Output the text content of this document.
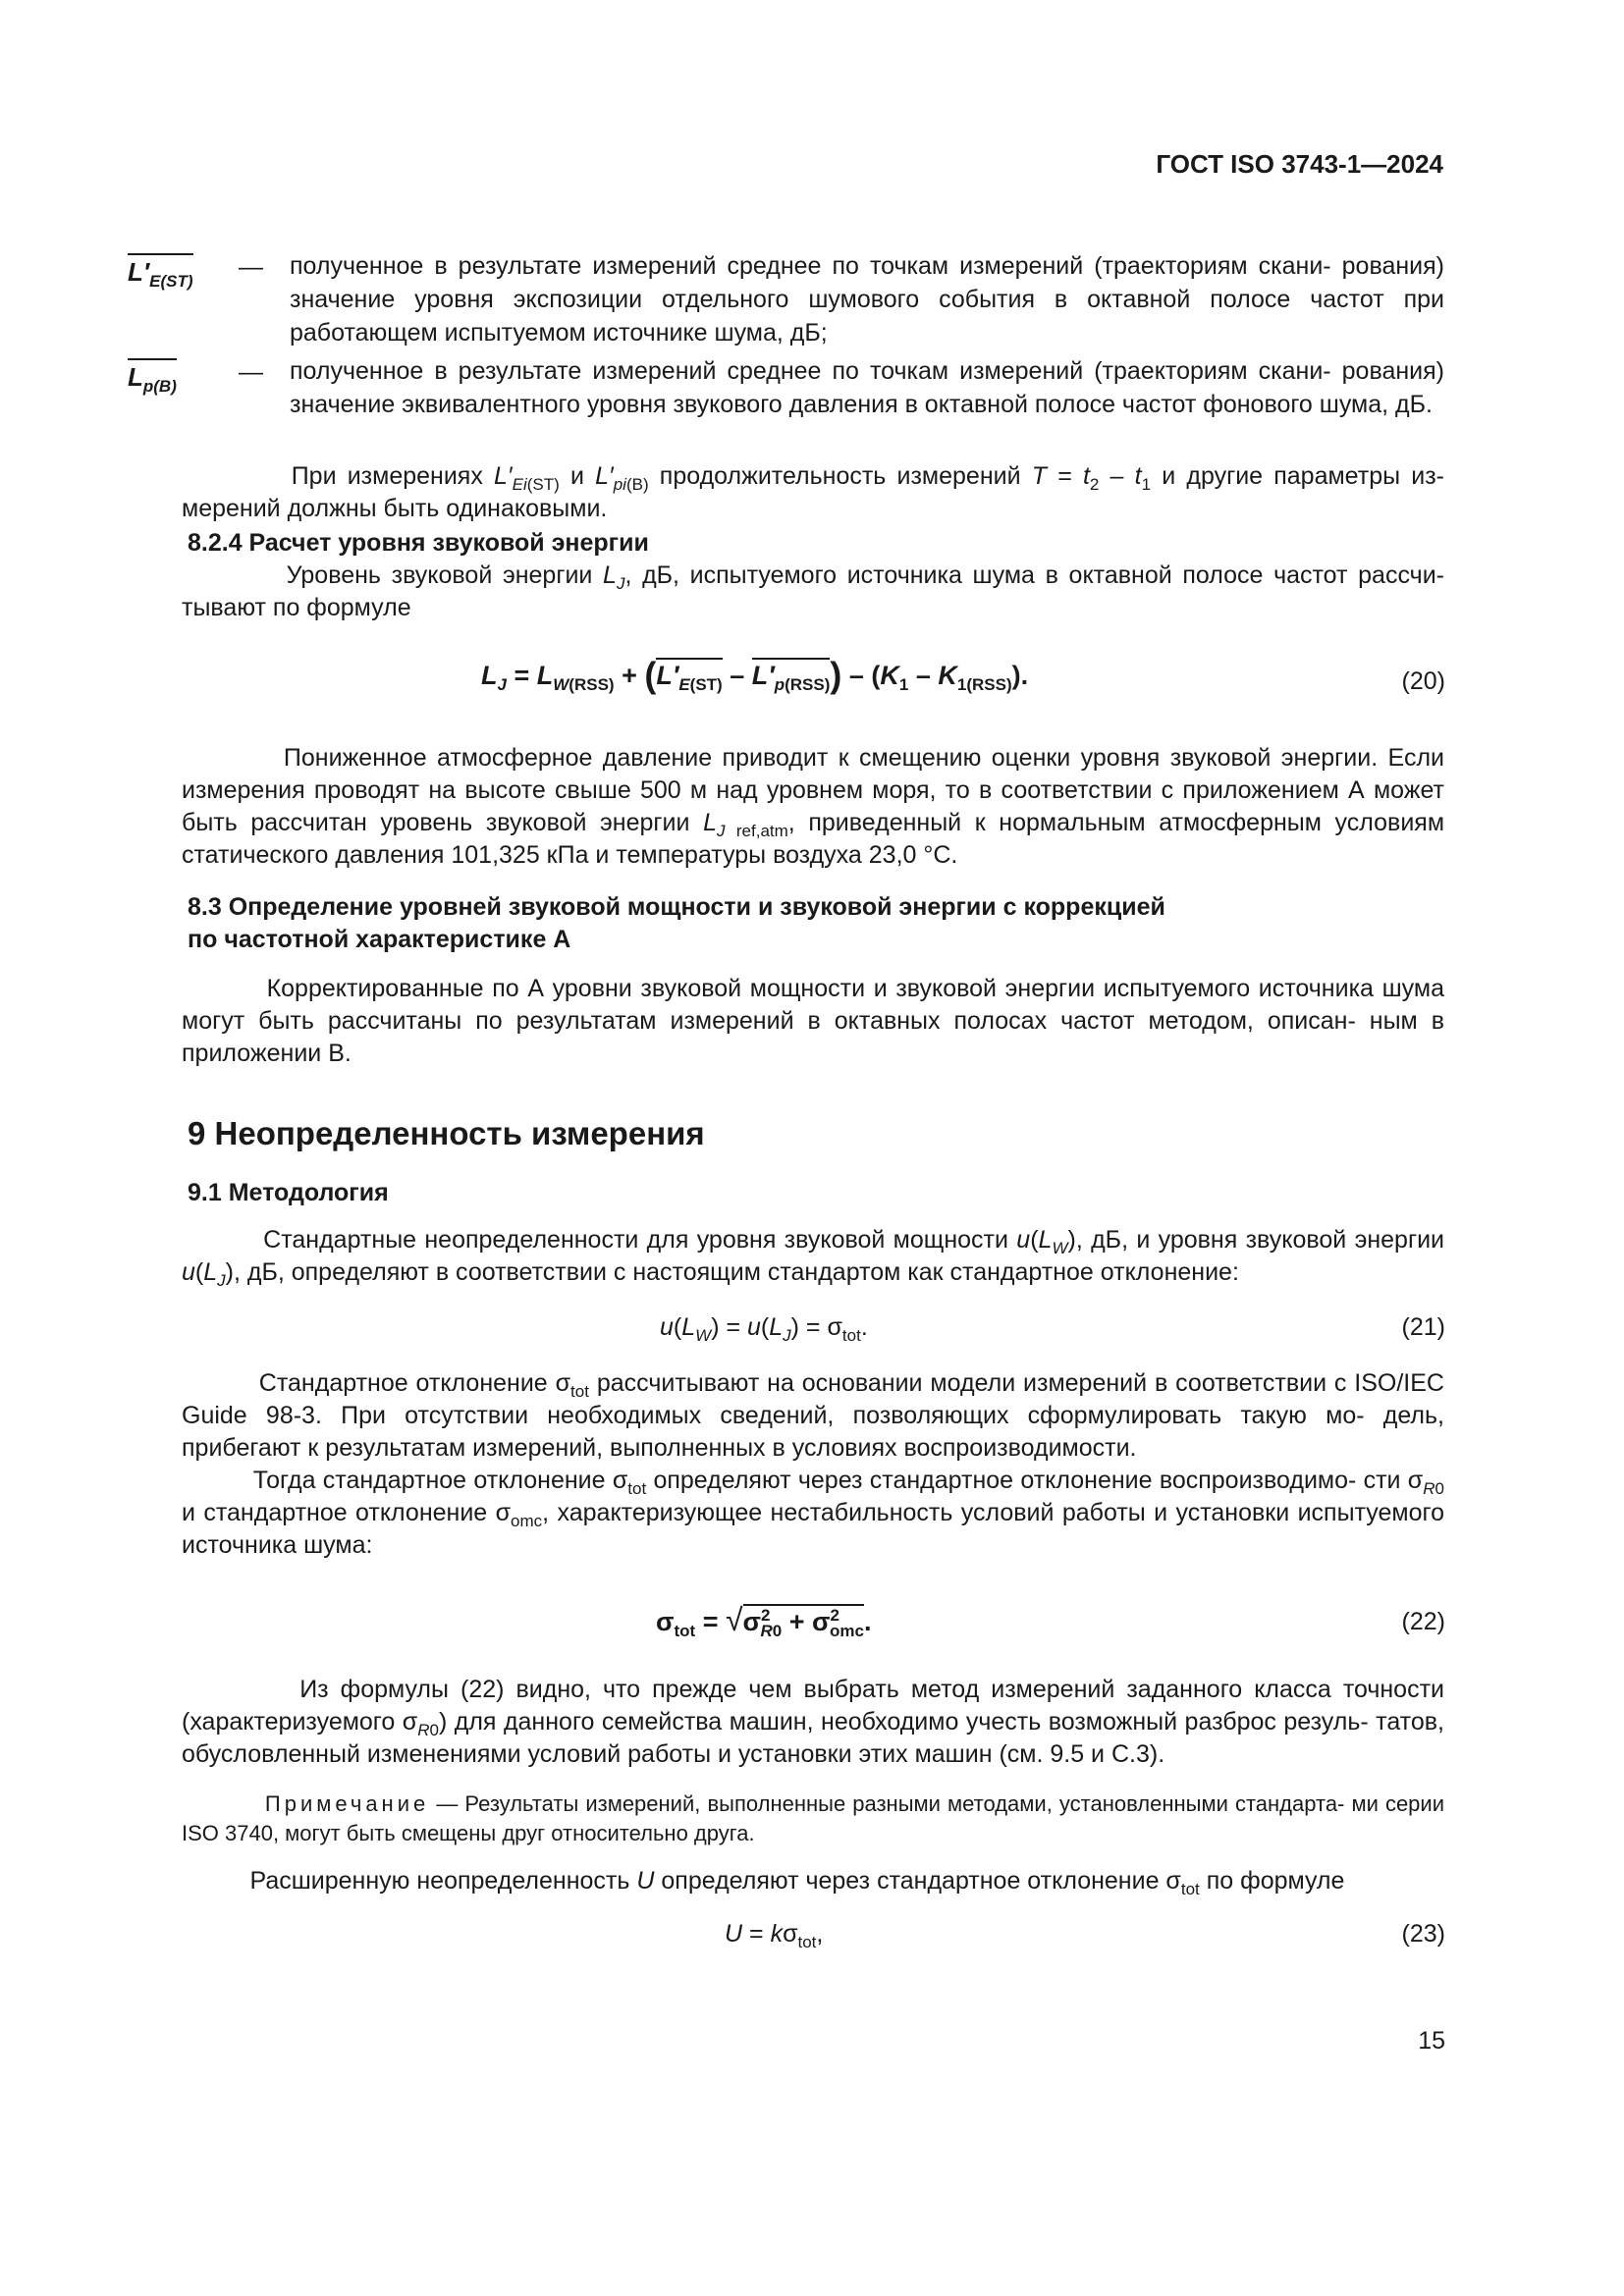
ГОСТ ISO 3743-1—2024
$L'_{E(ST)}$
— полученное в результате измерений среднее по точкам измерений (траекториям скани- рования) значение уровня экспозиции отдельного шумового события в октавной полосе частот при работающем испытуемом источнике шума, дБ;
$L_{p(B)}$
— полученное в результате измерений среднее по точкам измерений (траекториям скани- рования) значение эквивалентного уровня звукового давления в октавной полосе частот фонового шума, дБ.
При измерениях $L'_{Ei(ST)}$ и $L'_{pi(B)}$ продолжительность измерений $T = t_2 - t_1$ и другие параметры из- мерений должны быть одинаковыми.
8.2.4 Расчет уровня звуковой энергии
Уровень звуковой энергии $L_J$, дБ, испытуемого источника шума в октавной полосе частот рассчи- тывают по формуле
$L_J = L_{W(RSS)} + (L'_{E(ST)} - L'_{p(RSS)}) - (K_1 - K_{1(RSS)})$.	(20)
Пониженное атмосферное давление приводит к смещению оценки уровня звуковой энергии. Если измерения проводят на высоте свыше 500 м над уровнем моря, то в соответствии с приложением А может быть рассчитан уровень звуковой энергии $L_J$ $_{ref,atm}$, приведенный к нормальным атмосферным условиям статического давления 101,325 кПа и температуры воздуха 23,0 °С.
8.3 Определение уровней звуковой мощности и звуковой энергии с коррекцией
по частотной характеристике А
Корректированные по А уровни звуковой мощности и звуковой энергии испытуемого источника шума могут быть рассчитаны по результатам измерений в октавных полосах частот методом, описан- ным в приложении В.
9 Неопределенность измерения
9.1 Методология
Стандартные неопределенности для уровня звуковой мощности $u(L_W)$, дБ, и уровня звуковой энергии $u(L_J)$, дБ, определяют в соответствии с настоящим стандартом как стандартное отклонение:
$u(L_W) = u(L_J) = \sigma_{tot}$.	(21)
Стандартное отклонение $\sigma_{tot}$ рассчитывают на основании модели измерений в соответствии с ISO/IEC Guide 98-3. При отсутствии необходимых сведений, позволяющих сформулировать такую мо- дель, прибегают к результатам измерений, выполненных в условиях воспроизводимости.
Тогда стандартное отклонение $\sigma_{tot}$ определяют через стандартное отклонение воспроизводимо- сти $\sigma_{R0}$ и стандартное отклонение $\sigma_{omc}$, характеризующее нестабильность условий работы и установки испытуемого источника шума:
$\sigma_{tot} = √\sigma^2_{R0} + \sigma^2_{omc}$.	(22)
Из формулы (22) видно, что прежде чем выбрать метод измерений заданного класса точности (характеризуемого $\sigma_{R0}$) для данного семейства машин, необходимо учесть возможный разброс резуль- татов, обусловленный изменениями условий работы и установки этих машин (см. 9.5 и С.3).
Примечание — Результаты измерений, выполненные разными методами, установленными стандарта- ми серии ISO 3740, могут быть смещены друг относительно друга.
Расширенную неопределенность U определяют через стандартное отклонение $\sigma_{tot}$ по формуле
$U = k\sigma_{tot}$,	(23)
15
